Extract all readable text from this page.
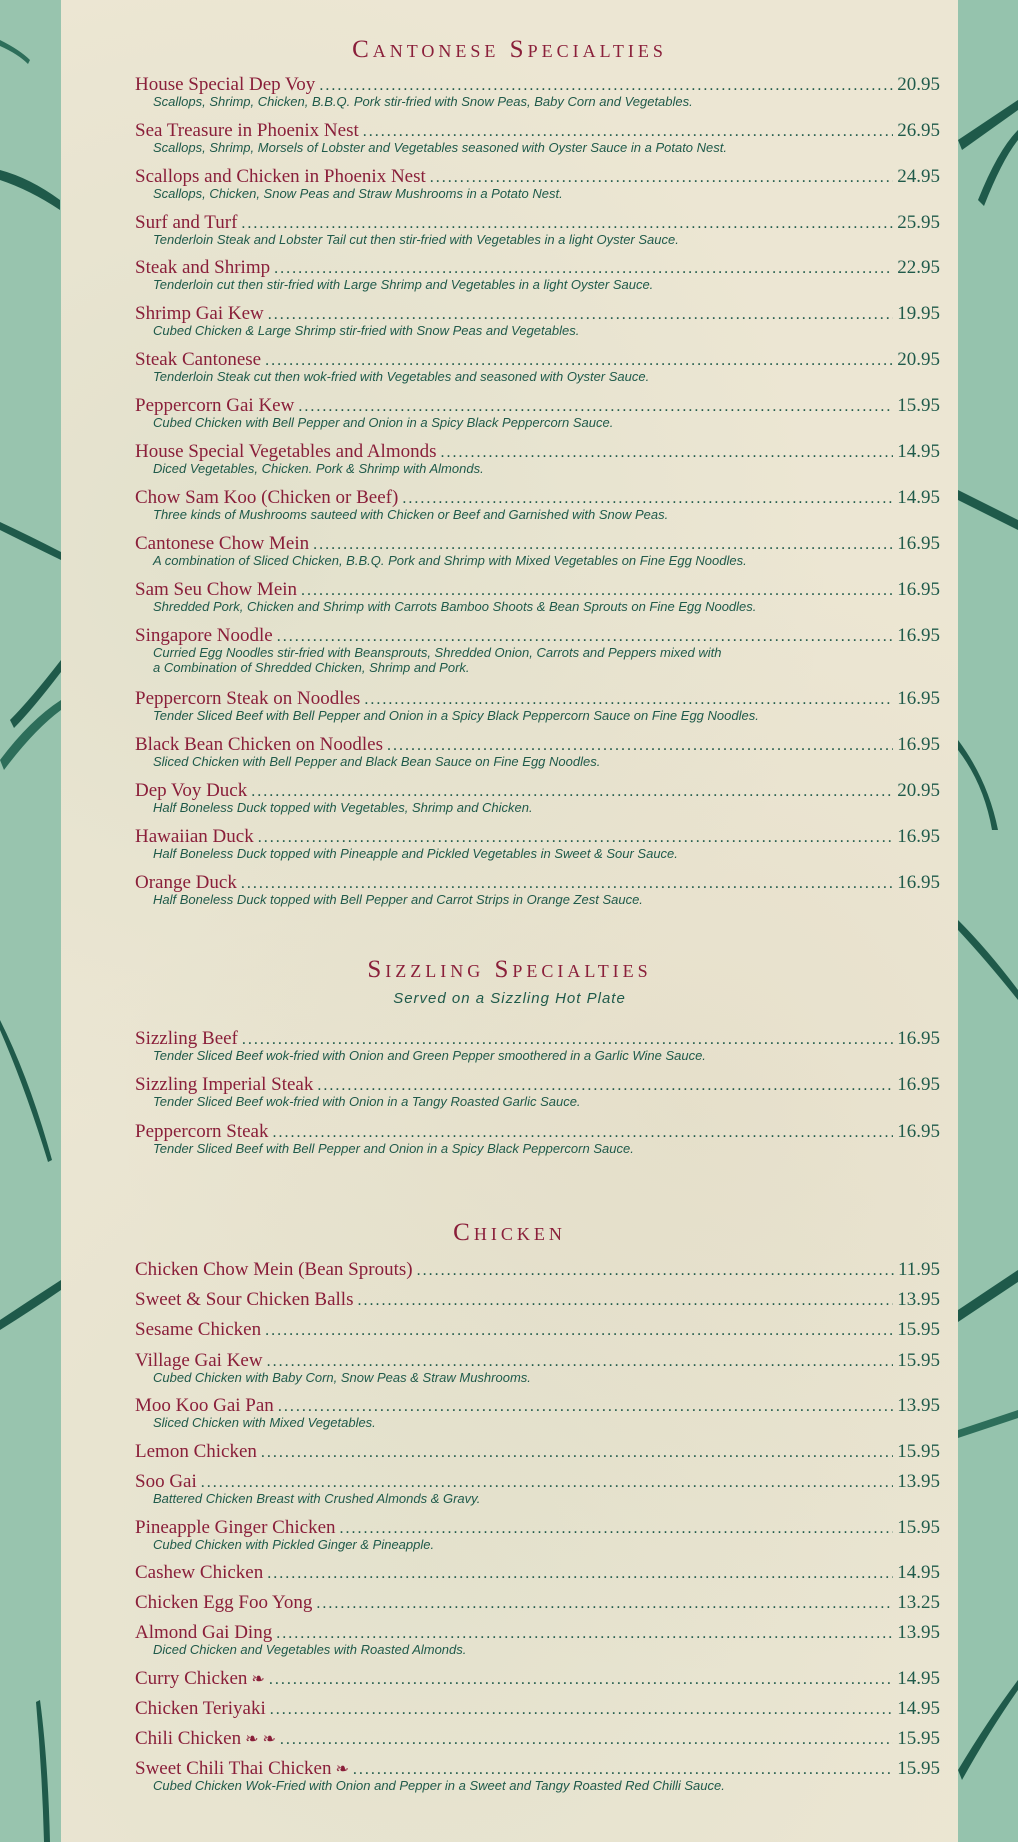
Cantonese Specialties
House Special Dep Voy . . .	20.95
Scallops, Shrimp, Chicken, B.B.Q. Pork stir-fried with Snow Peas, Baby Corn and Vegetables.
Sea Treasure in Phoenix Nest . . .	26.95
Scallops, Shrimp, Morsels of Lobster and Vegetables seasoned with Oyster Sauce in a Potato Nest.
Scallops and Chicken in Phoenix Nest . . .	24.95
Scallops, Chicken, Snow Peas and Straw Mushrooms in a Potato Nest.
Surf and Turf . . .	25.95
Tenderloin Steak and Lobster Tail cut then stir-fried with Vegetables in a light Oyster Sauce.
Steak and Shrimp . . .	22.95
Tenderloin cut then stir-fried with Large Shrimp and Vegetables in a light Oyster Sauce.
Shrimp Gai Kew . . .	19.95
Cubed Chicken & Large Shrimp stir-fried with Snow Peas and Vegetables.
Steak Cantonese . . .	20.95
Tenderloin Steak cut then wok-fried with Vegetables and seasoned with Oyster Sauce.
Peppercorn Gai Kew . . .	15.95
Cubed Chicken with Bell Pepper and Onion in a Spicy Black Peppercorn Sauce.
House Special Vegetables and Almonds . . .	14.95
Diced Vegetables, Chicken. Pork & Shrimp with Almonds.
Chow Sam Koo (Chicken or Beef) . . .	14.95
Three kinds of Mushrooms sauteed with Chicken or Beef and Garnished with Snow Peas.
Cantonese Chow Mein . . .	16.95
A combination of Sliced Chicken, B.B.Q. Pork and Shrimp with Mixed Vegetables on Fine Egg Noodles.
Sam Seu Chow Mein . . .	16.95
Shredded Pork, Chicken and Shrimp with Carrots Bamboo Shoots & Bean Sprouts on Fine Egg Noodles.
Singapore Noodle . . .	16.95
Curried Egg Noodles stir-fried with Beansprouts, Shredded Onion, Carrots and Peppers mixed with
a Combination of Shredded Chicken, Shrimp and Pork.
Peppercorn Steak on Noodles . . .	16.95
Tender Sliced Beef with Bell Pepper and Onion in a Spicy Black Peppercorn Sauce on Fine Egg Noodles.
Black Bean Chicken on Noodles . . .	16.95
Sliced Chicken with Bell Pepper and Black Bean Sauce on Fine Egg Noodles.
Dep Voy Duck . . .	20.95
Half Boneless Duck topped with Vegetables, Shrimp and Chicken.
Hawaiian Duck . . .	16.95
Half Boneless Duck topped with Pineapple and Pickled Vegetables in Sweet & Sour Sauce.
Orange Duck . . .	16.95
Half Boneless Duck topped with Bell Pepper and Carrot Strips in Orange Zest Sauce.
Sizzling Specialties
Served on a Sizzling Hot Plate
Sizzling Beef . . .	16.95
Tender Sliced Beef wok-fried with Onion and Green Pepper smoothered in a Garlic Wine Sauce.
Sizzling Imperial Steak . . .	16.95
Tender Sliced Beef wok-fried with Onion in a Tangy Roasted Garlic Sauce.
Peppercorn Steak . . .	16.95
Tender Sliced Beef with Bell Pepper and Onion in a Spicy Black Peppercorn Sauce.
Chicken
Chicken Chow Mein (Bean Sprouts) . . .	11.95
Sweet & Sour Chicken Balls . . .	13.95
Sesame Chicken . . .	15.95
Village Gai Kew . . .	15.95
Cubed Chicken with Baby Corn, Snow Peas & Straw Mushrooms.
Moo Koo Gai Pan . . .	13.95
Sliced Chicken with Mixed Vegetables.
Lemon Chicken . . .	15.95
Soo Gai . . .	13.95
Battered Chicken Breast with Crushed Almonds & Gravy.
Pineapple Ginger Chicken . . .	15.95
Cubed Chicken with Pickled Ginger & Pineapple.
Cashew Chicken . . .	14.95
Chicken Egg Foo Yong . . .	13.25
Almond Gai Ding . . .	13.95
Diced Chicken and Vegetables with Roasted Almonds.
Curry Chicken ❧ . . .	14.95
Chicken Teriyaki . . .	14.95
Chili Chicken ❧ ❧ . . .	15.95
Sweet Chili Thai Chicken ❧ . . .	15.95
Cubed Chicken Wok-Fried with Onion and Pepper in a Sweet and Tangy Roasted Red Chilli Sauce.
